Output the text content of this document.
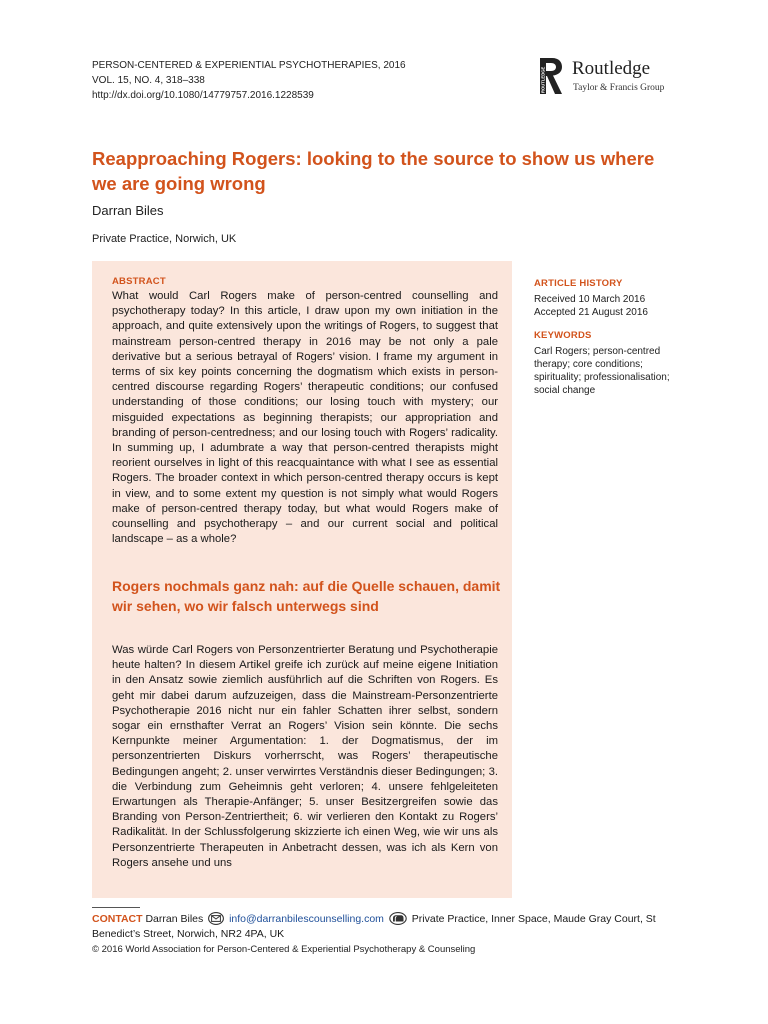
PERSON-CENTERED & EXPERIENTIAL PSYCHOTHERAPIES, 2016
VOL. 15, NO. 4, 318–338
http://dx.doi.org/10.1080/14779757.2016.1228539
ROUTLEDGE Routledge
Taylor & Francis Group
Reapproaching Rogers: looking to the source to show us where we are going wrong
Darran Biles
Private Practice, Norwich, UK
ABSTRACT

What would Carl Rogers make of person-centred counselling and psychotherapy today? In this article, I draw upon my own initiation in the approach, and quite extensively upon the writings of Rogers, to suggest that mainstream person-centred therapy in 2016 may be not only a pale derivative but a serious betrayal of Rogers’ vision. I frame my argument in terms of six key points concerning the dogmatism which exists in person-centred discourse regarding Rogers’ therapeutic conditions; our confused understanding of those conditions; our losing touch with mystery; our misguided expectations as beginning therapists; our appropriation and branding of person-centredness; and our losing touch with Rogers’ radicality. In summing up, I adumbrate a way that person-centred therapists might reorient ourselves in light of this reacquaintance with what I see as essential Rogers. The broader context in which person-centred therapy occurs is kept in view, and to some extent my question is not simply what would Rogers make of person-centred therapy today, but what would Rogers make of counselling and psychotherapy – and our current social and political landscape – as a whole?

Rogers nochmals ganz nah: auf die Quelle schauen, damit wir sehen, wo wir falsch unterwegs sind

Was würde Carl Rogers von Personzentrierter Beratung und Psychotherapie heute halten? In diesem Artikel greife ich zurück auf meine eigene Initiation in den Ansatz sowie ziemlich ausführlich auf die Schriften von Rogers. Es geht mir dabei darum aufzuzeigen, dass die Mainstream-Personzentrierte Psychotherapie 2016 nicht nur ein fahler Schatten ihrer selbst, sondern sogar ein ernsthafter Verrat an Rogers’ Vision sein könnte. Die sechs Kernpunkte meiner Argumentation: 1. der Dogmatismus, der im personzentrierten Diskurs vorherrscht, was Rogers’ therapeutische Bedingungen angeht; 2. unser verwirrtes Verständnis dieser Bedingungen; 3. die Verbindung zum Geheimnis geht verloren; 4. unsere fehlgeleiteten Erwartungen als Therapie-Anfänger; 5. unser Besitzergreifen sowie das Branding von Person-Zentriertheit; 6. wir verlieren den Kontakt zu Rogers’ Radikalität. In der Schlussfolgerung skizzierte ich einen Weg, wie wir uns als Personzentrierte Therapeuten in Anbetracht dessen, was ich als Kern von Rogers ansehe und uns

ARTICLE HISTORY
Received 10 March 2016
Accepted 21 August 2016
KEYWORDS
Carl Rogers; person-centred therapy; core conditions; spirituality; professionalisation; social change
CONTACT Darran Biles info@darranbilescounselling.com	Private Practice, Inner Space, Maude Gray Court, St Benedict’s Street, Norwich, NR2 4PA, UK
© 2016 World Association for Person-Centered & Experiential Psychotherapy & Counseling
